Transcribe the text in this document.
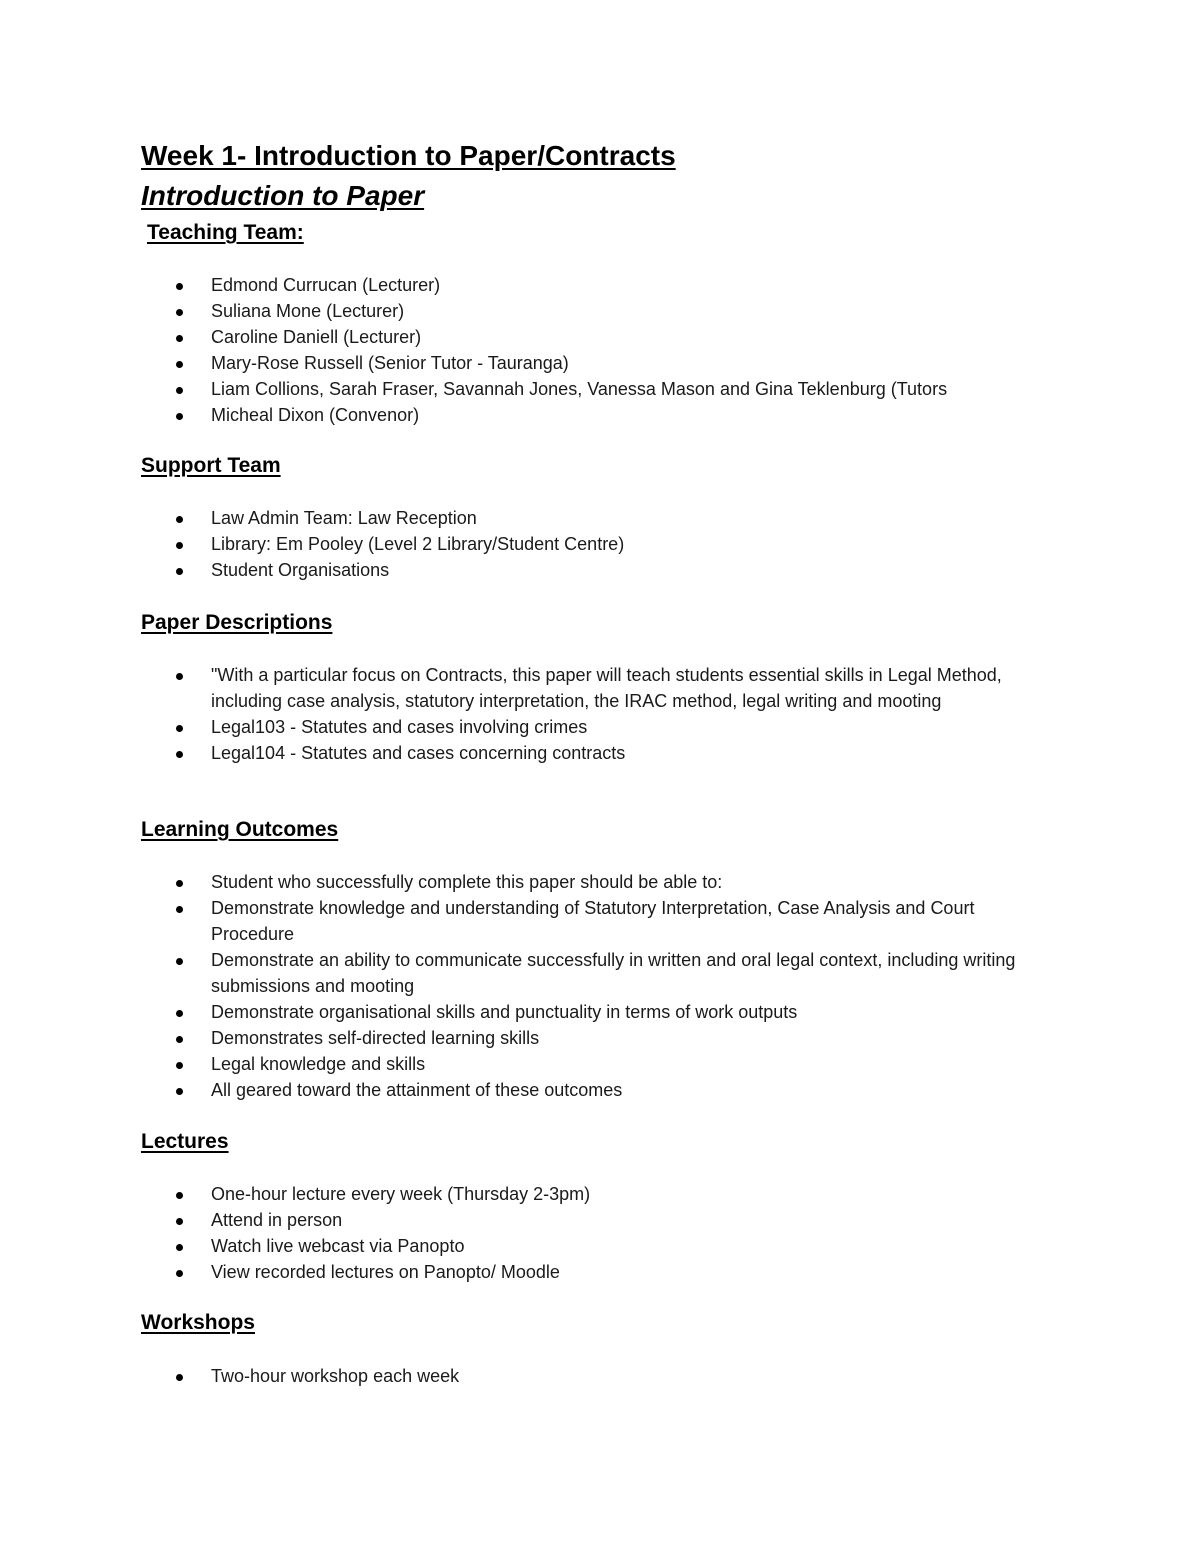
Week 1- Introduction to Paper/Contracts
Introduction to Paper
Teaching Team:
Edmond Currucan (Lecturer)
Suliana Mone (Lecturer)
Caroline Daniell (Lecturer)
Mary-Rose Russell (Senior Tutor - Tauranga)
Liam Collions, Sarah Fraser, Savannah Jones, Vanessa Mason and Gina Teklenburg (Tutors
Micheal Dixon (Convenor)
Support Team
Law Admin Team: Law Reception
Library: Em Pooley (Level 2 Library/Student Centre)
Student Organisations
Paper Descriptions
"With a particular focus on Contracts, this paper will teach students essential skills in Legal Method, including case analysis, statutory interpretation, the IRAC method, legal writing and mooting
Legal103 - Statutes and cases involving crimes
Legal104 - Statutes and cases concerning contracts
Learning Outcomes
Student who successfully complete this paper should be able to:
Demonstrate knowledge and understanding of Statutory Interpretation, Case Analysis and Court Procedure
Demonstrate an ability to communicate successfully in written and oral legal context, including writing submissions and mooting
Demonstrate organisational skills and punctuality in terms of work outputs
Demonstrates self-directed learning skills
Legal knowledge and skills
All geared toward the attainment of these outcomes
Lectures
One-hour lecture every week (Thursday 2-3pm)
Attend in person
Watch live webcast via Panopto
View recorded lectures on Panopto/ Moodle
Workshops
Two-hour workshop each week
